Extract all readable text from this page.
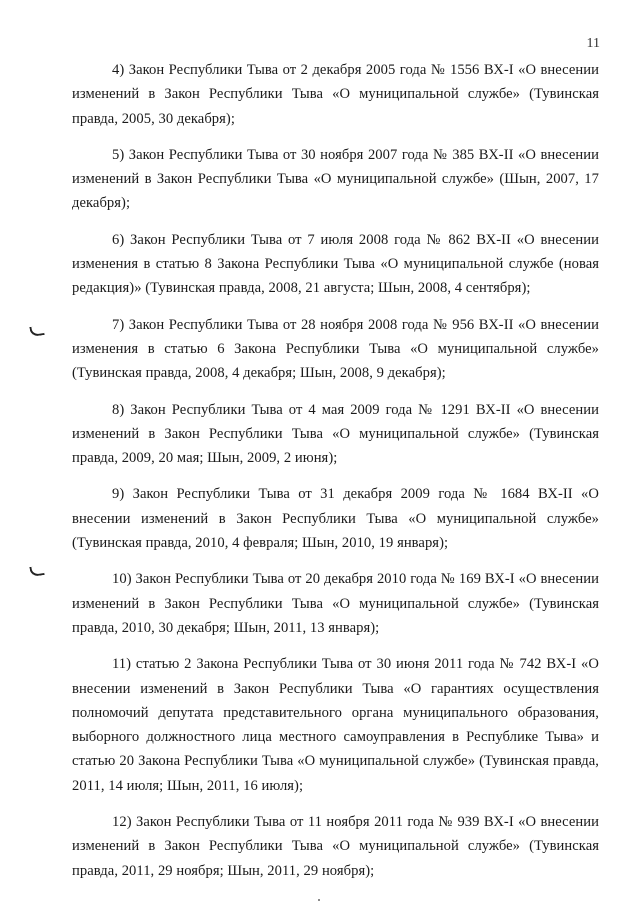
11

4) Закон Республики Тыва от 2 декабря 2005 года № 1556 ВХ-I «О внесении изменений в Закон Республики Тыва «О муниципальной службе» (Тувинская правда, 2005, 30 декабря);

5) Закон Республики Тыва от 30 ноября 2007 года № 385 ВХ-II «О внесении изменений в Закон Республики Тыва «О муниципальной службе» (Шын, 2007, 17 декабря);

6) Закон Республики Тыва от 7 июля 2008 года № 862 ВХ-II «О внесении изменения в статью 8 Закона Республики Тыва «О муниципальной службе (новая редакция)» (Тувинская правда, 2008, 21 августа; Шын, 2008, 4 сентября);

7) Закон Республики Тыва от 28 ноября 2008 года № 956 ВХ-II «О внесении изменения в статью 6 Закона Республики Тыва «О муниципальной службе» (Тувинская правда, 2008, 4 декабря; Шын, 2008, 9 декабря);

8) Закон Республики Тыва от 4 мая 2009 года № 1291 ВХ-II «О внесении изменений в Закон Республики Тыва «О муниципальной службе» (Тувинская правда, 2009, 20 мая; Шын, 2009, 2 июня);

9) Закон Республики Тыва от 31 декабря 2009 года № 1684 ВХ-II «О внесении изменений в Закон Республики Тыва «О муниципальной службе» (Тувинская правда, 2010, 4 февраля; Шын, 2010, 19 января);

10) Закон Республики Тыва от 20 декабря 2010 года № 169 ВХ-I «О внесении изменений в Закон Республики Тыва «О муниципальной службе» (Тувинская правда, 2010, 30 декабря; Шын, 2011, 13 января);

11) статью 2 Закона Республики Тыва от 30 июня 2011 года № 742 ВХ-I «О внесении изменений в Закон Республики Тыва «О гарантиях осуществления полномочий депутата представительного органа муниципального образования, выборного должностного лица местного самоуправления в Республике Тыва» и статью 20 Закона Республики Тыва «О муниципальной службе» (Тувинская правда, 2011, 14 июля; Шын, 2011, 16 июля);

12) Закон Республики Тыва от 11 ноября 2011 года № 939 ВХ-I «О внесении изменений в Закон Республики Тыва «О муниципальной службе» (Тувинская правда, 2011, 29 ноября; Шын, 2011, 29 ноября);
